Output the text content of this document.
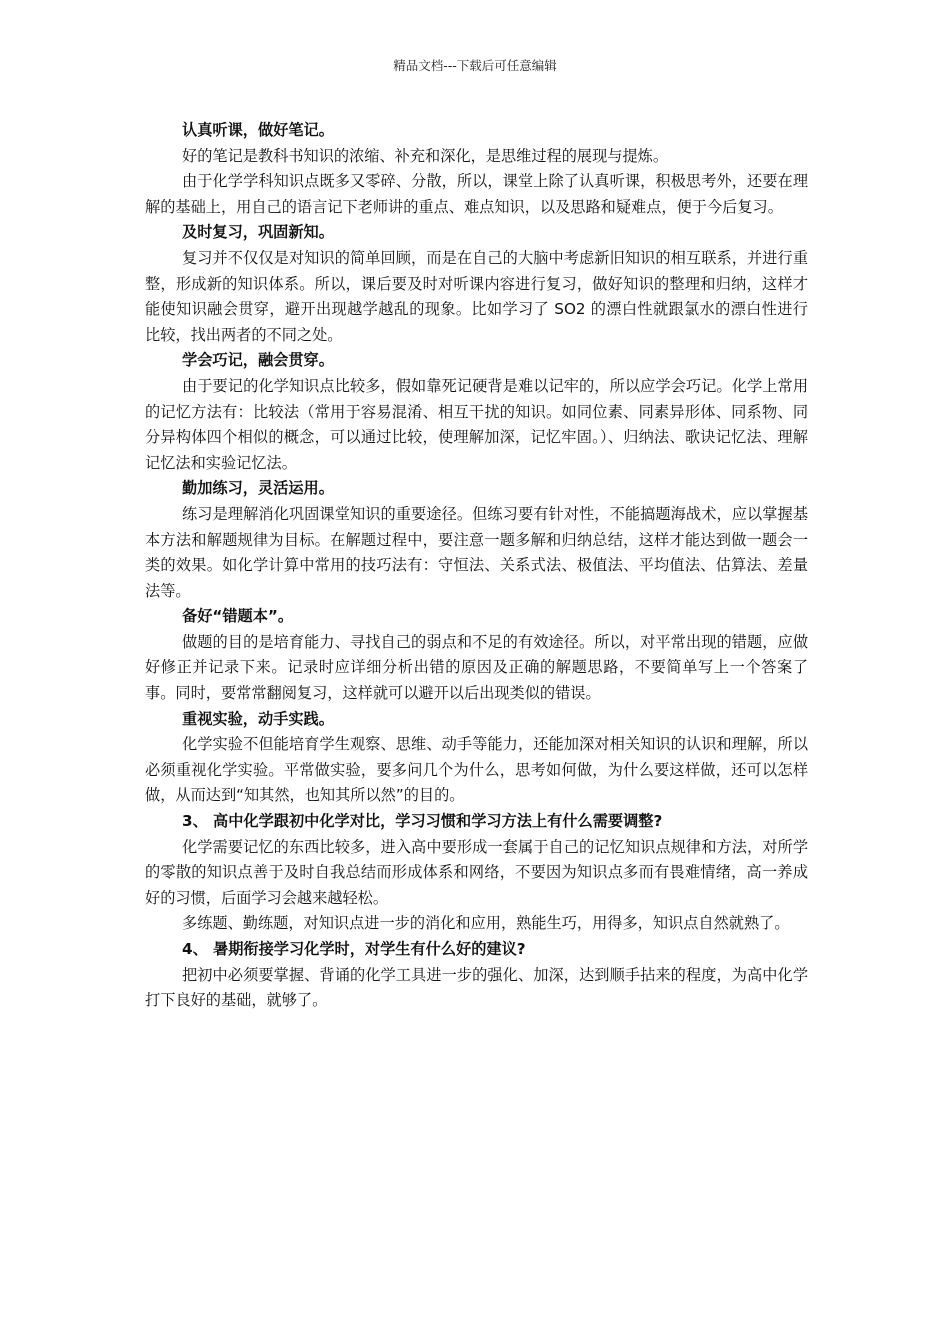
精品文档---下载后可任意编辑

认真听课，做好笔记。

好的笔记是教科书知识的浓缩、补充和深化，是思维过程的展现与提炼。

由于化学学科知识点既多又零碎、分散，所以，课堂上除了认真听课，积极思考外，还要在理解的基础上，用自己的语言记下老师讲的重点、难点知识，以及思路和疑难点，便于今后复习。

及时复习，巩固新知。

复习并不仅仅是对知识的简单回顾，而是在自己的大脑中考虑新旧知识的相互联系，并进行重整，形成新的知识体系。所以，课后要及时对听课内容进行复习，做好知识的整理和归纳，这样才能使知识融会贯穿，避开出现越学越乱的现象。比如学习了 SO2 的漂白性就跟氯水的漂白性进行比较，找出两者的不同之处。

学会巧记，融会贯穿。

由于要记的化学知识点比较多，假如靠死记硬背是难以记牢的，所以应学会巧记。化学上常用的记忆方法有：比较法（常用于容易混淆、相互干扰的知识。如同位素、同素异形体、同系物、同分异构体四个相似的概念，可以通过比较，使理解加深，记忆牢固。）、归纳法、歌诀记忆法、理解记忆法和实验记忆法。

勤加练习，灵活运用。

练习是理解消化巩固课堂知识的重要途径。但练习要有针对性，不能搞题海战术，应以掌握基本方法和解题规律为目标。在解题过程中，要注意一题多解和归纳总结，这样才能达到做一题会一类的效果。如化学计算中常用的技巧法有：守恒法、关系式法、极值法、平均值法、估算法、差量法等。

备好“错题本”。

做题的目的是培育能力、寻找自己的弱点和不足的有效途径。所以，对平常出现的错题，应做好修正并记录下来。记录时应详细分析出错的原因及正确的解题思路，不要简单写上一个答案了事。同时，要常常翻阅复习，这样就可以避开以后出现类似的错误。

重视实验，动手实践。

化学实验不但能培育学生观察、思维、动手等能力，还能加深对相关知识的认识和理解，所以必须重视化学实验。平常做实验，要多问几个为什么，思考如何做，为什么要这样做，还可以怎样做，从而达到“知其然，也知其所以然”的目的。

3、 高中化学跟初中化学对比，学习习惯和学习方法上有什么需要调整?

化学需要记忆的东西比较多，进入高中要形成一套属于自己的记忆知识点规律和方法，对所学的零散的知识点善于及时自我总结而形成体系和网络，不要因为知识点多而有畏难情绪，高一养成好的习惯，后面学习会越来越轻松。

多练题、勤练题，对知识点进一步的消化和应用，熟能生巧，用得多，知识点自然就熟了。

4、 暑期衔接学习化学时，对学生有什么好的建议?

把初中必须要掌握、背诵的化学工具进一步的强化、加深，达到顺手拈来的程度，为高中化学打下良好的基础，就够了。
